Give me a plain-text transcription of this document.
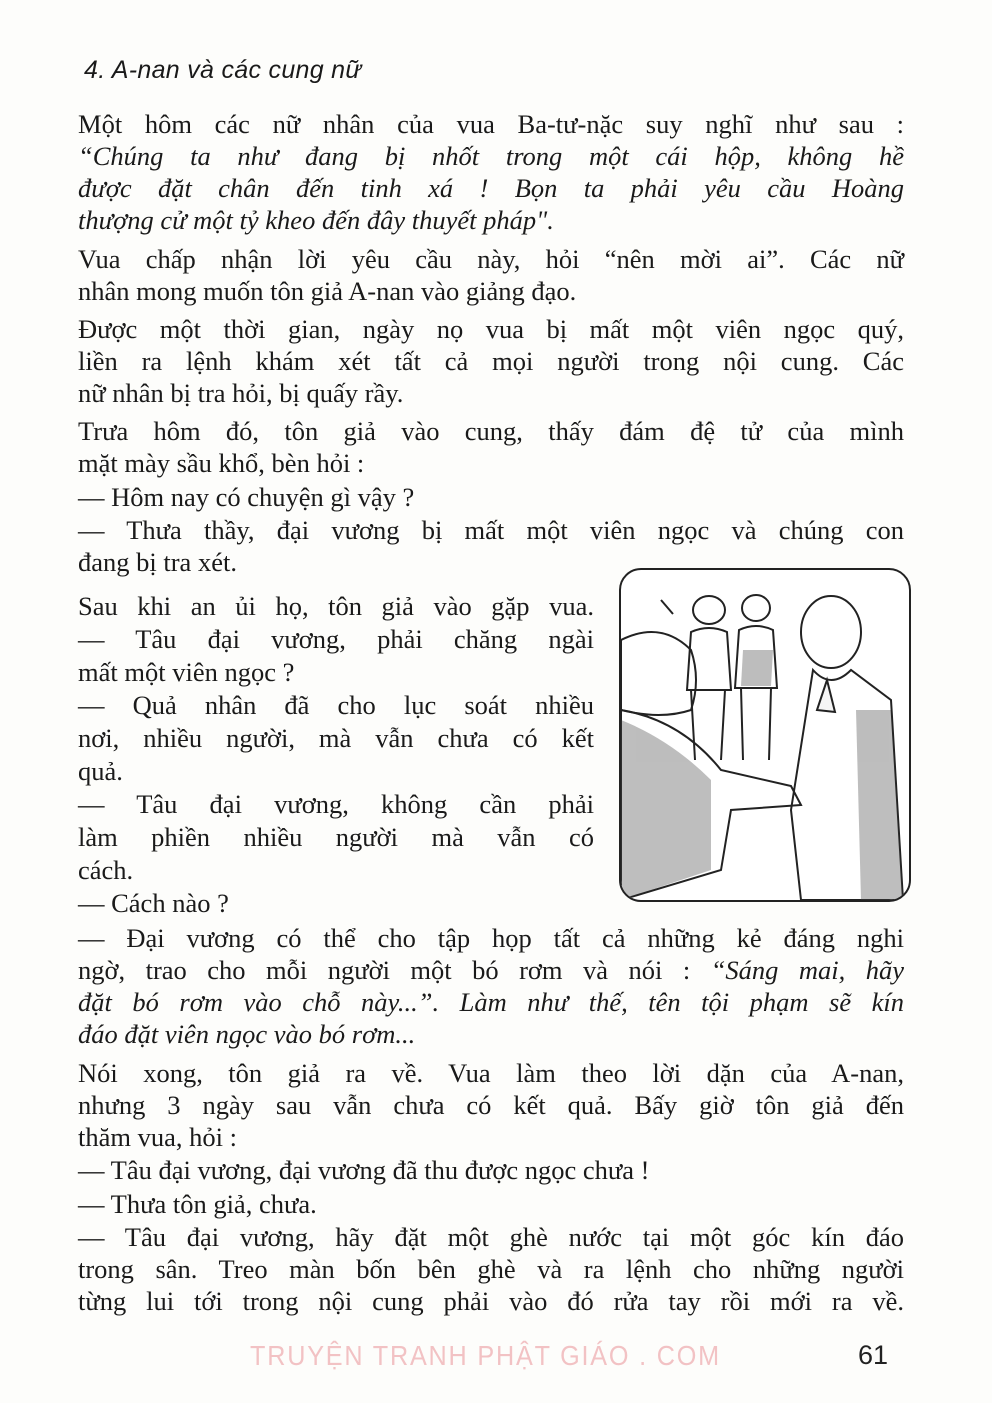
4. A-nan và các cung nữ
Một hôm các nữ nhân của vua Ba-tư-nặc suy nghĩ như sau :
“Chúng ta như đang bị nhốt trong một cái hộp, không hề
được đặt chân đến tinh xá ! Bọn ta phải yêu cầu Hoàng
thượng cử một tỷ kheo đến đây thuyết pháp".
Vua chấp nhận lời yêu cầu này, hỏi “nên mời ai”. Các nữ
nhân mong muốn tôn giả A-nan vào giảng đạo.
Được một thời gian, ngày nọ vua bị mất một viên ngọc quý,
liền ra lệnh khám xét tất cả mọi người trong nội cung. Các
nữ nhân bị tra hỏi, bị quấy rầy.
Trưa hôm đó, tôn giả vào cung, thấy đám đệ tử của mình
mặt mày sầu khổ, bèn hỏi :
— Hôm nay có chuyện gì vậy ?
— Thưa thầy, đại vương bị mất một viên ngọc và chúng con
đang bị tra xét.
Sau khi an ủi họ, tôn giả vào gặp vua.
— Tâu đại vương, phải chăng ngài
mất một viên ngọc ?
— Quả nhân đã cho lục soát nhiều
nơi, nhiều người, mà vẫn chưa có kết
quả.
— Tâu đại vương, không cần phải
làm phiền nhiều người mà vẫn có
cách.
— Cách nào ?
— Đại vương có thể cho tập họp tất cả những kẻ đáng nghi
ngờ, trao cho mỗi người một bó rơm và nói : “Sáng mai, hãy
đặt bó rơm vào chỗ này...”. Làm như thế, tên tội phạm sẽ kín
đáo đặt viên ngọc vào bó rơm...
Nói xong, tôn giả ra về. Vua làm theo lời dặn của A-nan,
nhưng 3 ngày sau vẫn chưa có kết quả. Bấy giờ tôn giả đến
thăm vua, hỏi :
— Tâu đại vương, đại vương đã thu được ngọc chưa !
— Thưa tôn giả, chưa.
— Tâu đại vương, hãy đặt một ghè nước tại một góc kín đáo
trong sân. Treo màn bốn bên ghè và ra lệnh cho những người
từng lui tới trong nội cung phải vào đó rửa tay rồi mới ra về.
TRUYỆN TRANH PHẬT GIÁO . COM	61
